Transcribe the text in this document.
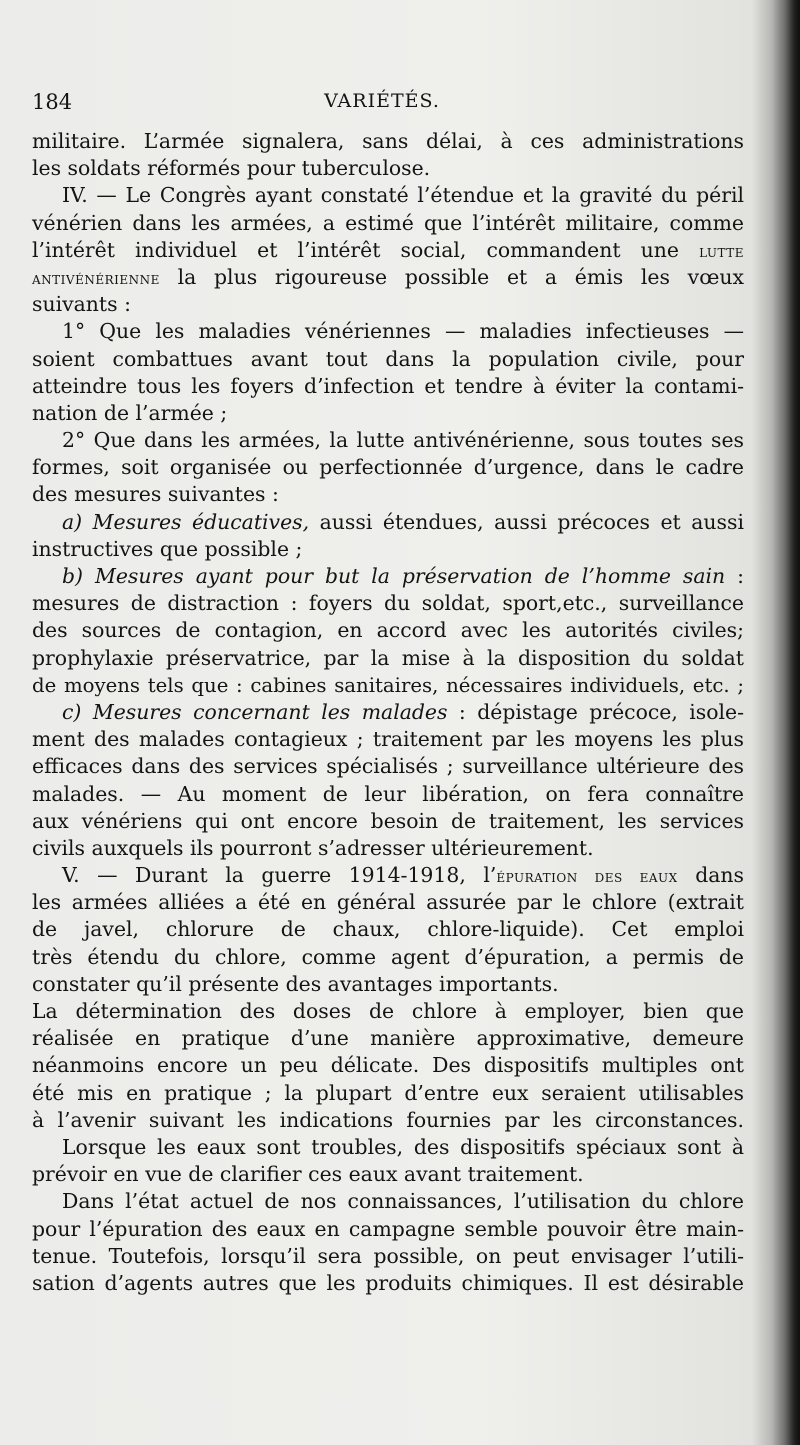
184	VARIÉTÉS.
militaire. L’armée signalera, sans délai, à ces administrations
les soldats réformés pour tuberculose.
IV. — Le Congrès ayant constaté l’étendue et la gravité du péril
vénérien dans les armées, a estimé que l’intérêt militaire, comme
l’intérêt individuel et l’intérêt social, commandent une lutte
antivénérienne la plus rigoureuse possible et a émis les vœux
suivants :
1° Que les maladies vénériennes — maladies infectieuses —
soient combattues avant tout dans la population civile, pour
atteindre tous les foyers d’infection et tendre à éviter la contami-
nation de l’armée ;
2° Que dans les armées, la lutte antivénérienne, sous toutes ses
formes, soit organisée ou perfectionnée d’urgence, dans le cadre
des mesures suivantes :
a) Mesures éducatives, aussi étendues, aussi précoces et aussi
instructives que possible ;
b) Mesures ayant pour but la préservation de l’homme sain :
mesures de distraction : foyers du soldat, sport,etc., surveillance
des sources de contagion, en accord avec les autorités civiles;
prophylaxie préservatrice, par la mise à la disposition du soldat
de moyens tels que : cabines sanitaires, nécessaires individuels, etc. ;
c) Mesures concernant les malades : dépistage précoce, isole-
ment des malades contagieux ; traitement par les moyens les plus
efficaces dans des services spécialisés ; surveillance ultérieure des
malades. — Au moment de leur libération, on fera connaître
aux vénériens qui ont encore besoin de traitement, les services
civils auxquels ils pourront s’adresser ultérieurement.
V. — Durant la guerre 1914-1918, l’épuration des eaux dans
les armées alliées a été en général assurée par le chlore (extrait
de javel, chlorure de chaux, chlore-liquide). Cet emploi
très étendu du chlore, comme agent d’épuration, a permis de
constater qu’il présente des avantages importants.
La détermination des doses de chlore à employer, bien que
réalisée en pratique d’une manière approximative, demeure
néanmoins encore un peu délicate. Des dispositifs multiples ont
été mis en pratique ; la plupart d’entre eux seraient utilisables
à l’avenir suivant les indications fournies par les circonstances.
Lorsque les eaux sont troubles, des dispositifs spéciaux sont à
prévoir en vue de clarifier ces eaux avant traitement.
Dans l’état actuel de nos connaissances, l’utilisation du chlore
pour l’épuration des eaux en campagne semble pouvoir être main-
tenue. Toutefois, lorsqu’il sera possible, on peut envisager l’utili-
sation d’agents autres que les produits chimiques. Il est désirable
